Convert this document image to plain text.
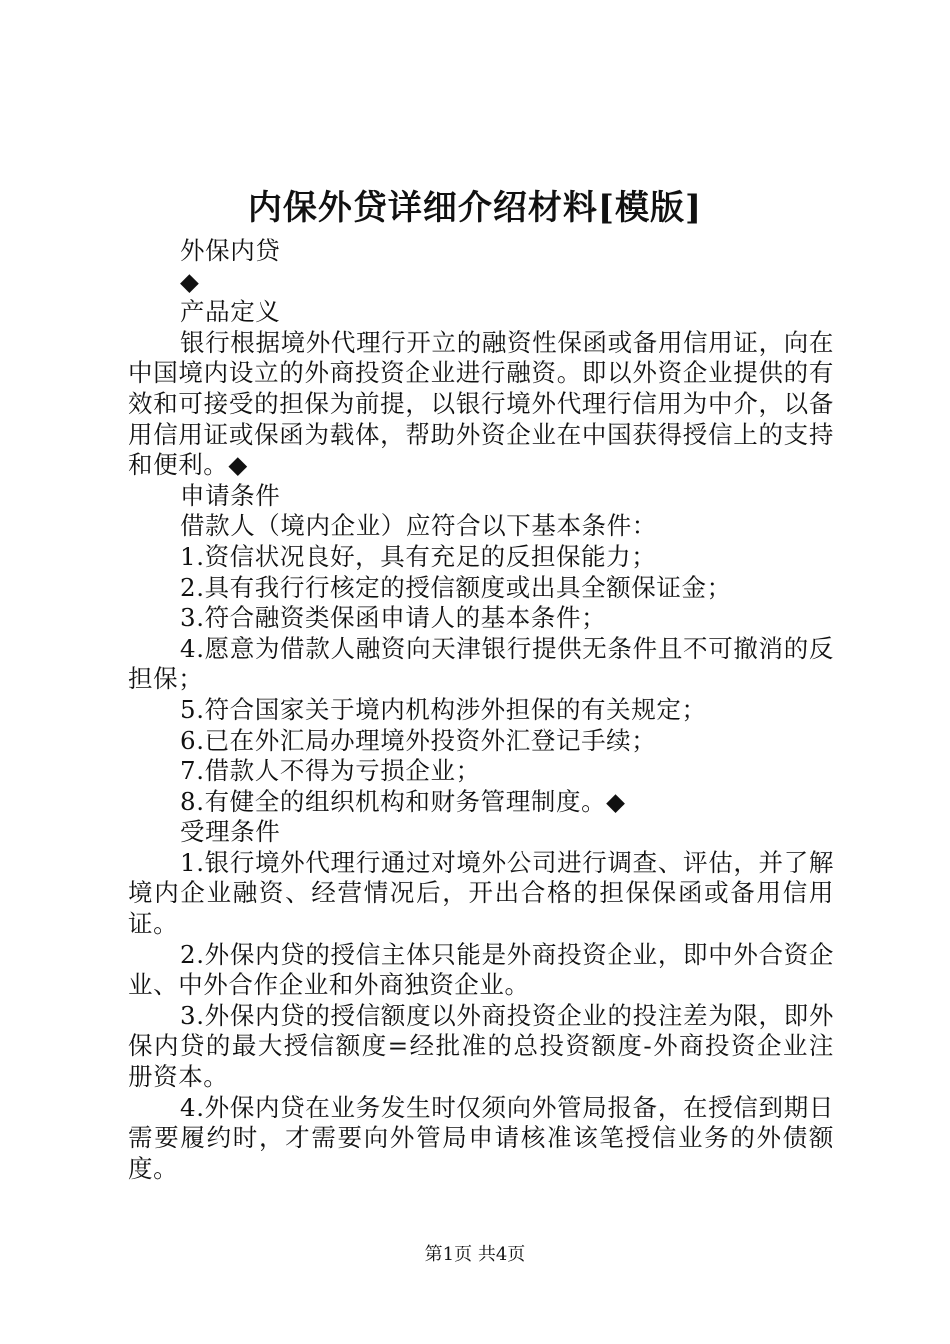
内保外贷详细介绍材料[模版]

外保内贷

◆

产品定义

银行根据境外代理行开立的融资性保函或备用信用证，向在中国境内设立的外商投资企业进行融资。即以外资企业提供的有效和可接受的担保为前提，以银行境外代理行信用为中介，以备用信用证或保函为载体，帮助外资企业在中国获得授信上的支持和便利。◆

申请条件

借款人（境内企业）应符合以下基本条件：

1.资信状况良好，具有充足的反担保能力；

2.具有我行行核定的授信额度或出具全额保证金；

3.符合融资类保函申请人的基本条件；

4.愿意为借款人融资向天津银行提供无条件且不可撤消的反担保；

5.符合国家关于境内机构涉外担保的有关规定；

6.已在外汇局办理境外投资外汇登记手续；

7.借款人不得为亏损企业；

8.有健全的组织机构和财务管理制度。◆

受理条件

1.银行境外代理行通过对境外公司进行调查、评估，并了解境内企业融资、经营情况后，开出合格的担保保函或备用信用证。

2.外保内贷的授信主体只能是外商投资企业，即中外合资企业、中外合作企业和外商独资企业。

3.外保内贷的授信额度以外商投资企业的投注差为限，即外保内贷的最大授信额度=经批准的总投资额度-外商投资企业注册资本。

4.外保内贷在业务发生时仅须向外管局报备，在授信到期日需要履约时，才需要向外管局申请核准该笔授信业务的外债额度。

第1页 共4页
